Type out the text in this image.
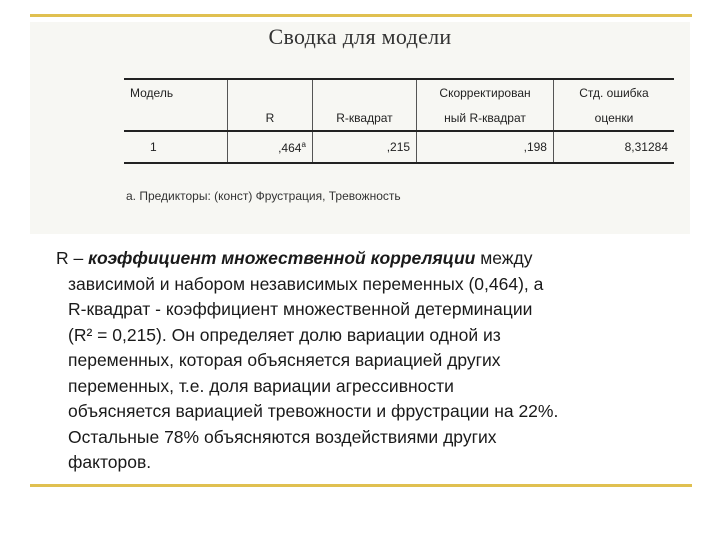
Сводка для модели
Модель			Скорректирован	Стд. ошибка
	R	R-квадрат	ный R-квадрат	оценки
1	,464$^a$	,215	,198	8,31284
a. Предикторы: (конст) Фрустрация, Тревожность
R – коэффициент множественной корреляции между
зависимой и набором независимых переменных (0,464), а
R-квадрат - коэффициент множественной детерминации
(R² = 0,215). Он определяет долю вариации одной из
переменных, которая объясняется вариацией других
переменных, т.е. доля вариации агрессивности
объясняется вариацией тревожности и фрустрации на 22%.
Остальные 78% объясняются воздействиями других
факторов.
